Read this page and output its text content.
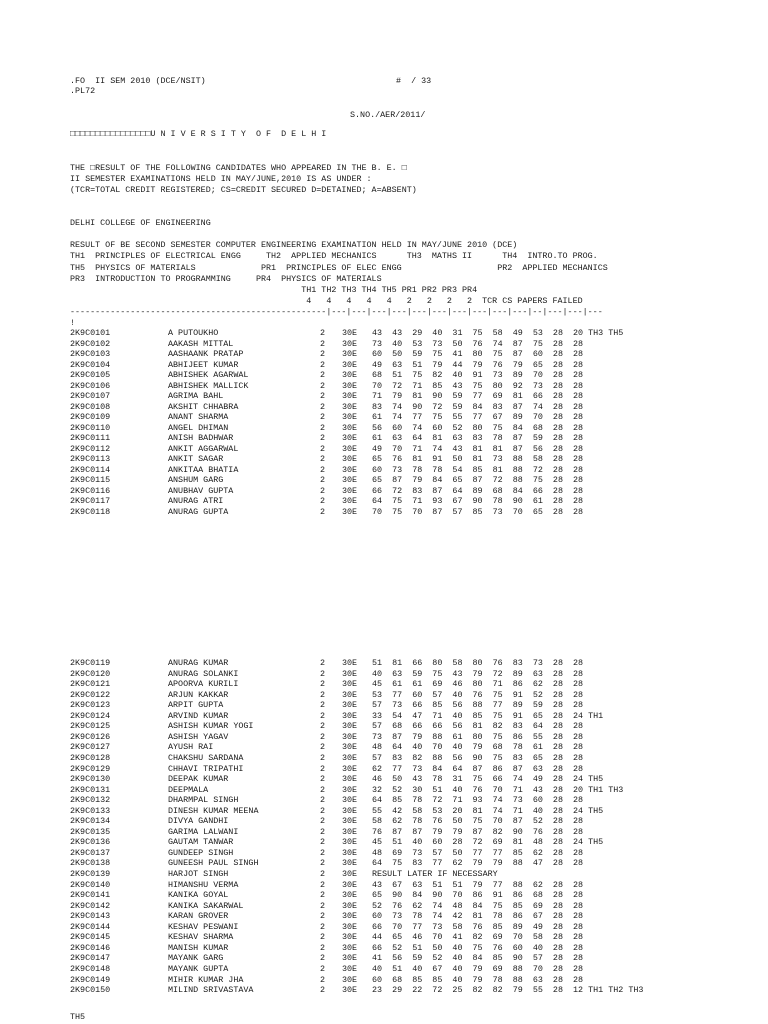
.FO  II SEM 2010 (DCE/NSIT)	#  / 33
.PL72
S.NO./AER/2011/
□□□□□□□□□□□□□□□□U N I V E R S I T Y  O F  D E L H I
THE □RESULT OF THE FOLLOWING CANDIDATES WHO APPEARED IN THE B. E. □
II SEMESTER EXAMINATIONS HELD IN MAY/JUNE,2010 IS AS UNDER :
(TCR=TOTAL CREDIT REGISTERED; CS=CREDIT SECURED D=DETAINED; A=ABSENT)
DELHI COLLEGE OF ENGINEERING
RESULT OF BE SECOND SEMESTER COMPUTER ENGINEERING EXAMINATION HELD IN MAY/JUNE 2010 (DCE)
TH1  PRINCIPLES OF ELECTRICAL ENGG     TH2  APPLIED MECHANICS      TH3  MATHS II      TH4  INTRO.TO PROG.
TH5  PHYSICS OF MATERIALS             PR1  PRINCIPLES OF ELEC ENGG                   PR2  APPLIED MECHANICS
PR3  INTRODUCTION TO PROGRAMMING     PR4  PHYSICS OF MATERIALS
TH1 TH2 TH3 TH4 TH5 PR1 PR2 PR3 PR4
4   4   4   4   4   2   2   2   2  TCR CS PAPERS FAILED
---------------------------------------------------|---|---|---|---|---|---|---|---|---|---|--|---|---|---
!
2K9C0101	A PUTOUKHO	2 30E 43  43  29  40  31  75  58  49  53  28  20 TH3 TH5
2K9C0102	AAKASH MITTAL	2 30E 73  40  53  73  50  76  74  87  75  28  28
2K9C0103	AASHAANK PRATAP	2 30E 60  50  59  75  41  80  75  87  60  28  28
2K9C0104	ABHIJEET KUMAR	2 30E 49  63  51  79  44  79  76  79  65  28  28
2K9C0105	ABHISHEK AGARWAL	2 30E 68  51  75  82  40  91  73  89  70  28  28
2K9C0106	ABHISHEK MALLICK	2 30E 70  72  71  85  43  75  80  92  73  28  28
2K9C0107	AGRIMA BAHL	2 30E 71  79  81  90  59  77  69  81  66  28  28
2K9C0108	AKSHIT CHHABRA	2 30E 83  74  90  72  59  84  83  87  74  28  28
2K9C0109	ANANT SHARMA	2 30E 61  74  77  75  55  77  67  89  70  28  28
2K9C0110	ANGEL DHIMAN	2 30E 56  60  74  60  52  80  75  84  68  28  28
2K9C0111	ANISH BADHWAR	2 30E 61  63  64  81  63  83  78  87  59  28  28
2K9C0112	ANKIT AGGARWAL	2 30E 49  70  71  74  43  81  81  87  56  28  28
2K9C0113	ANKIT SAGAR	2 30E 65  76  81  91  50  81  73  88  58  28  28
2K9C0114	ANKITAA BHATIA	2 30E 60  73  78  78  54  85  81  88  72  28  28
2K9C0115	ANSHUM GARG	2 30E 65  87  79  84  65  87  72  88  75  28  28
2K9C0116	ANUBHAV GUPTA	2 30E 66  72  83  87  64  89  68  84  66  28  28
2K9C0117	ANURAG ATRI	2 30E 64  75  71  93  67  90  78  90  61  28  28
2K9C0118	ANURAG GUPTA	2 30E 70  75  70  87  57  85  73  70  65  28  28
2K9C0119	ANURAG KUMAR	2 30E 51  81  66  80  58  80  76  83  73  28  28
2K9C0120	ANURAG SOLANKI	2 30E 40  63  59  75  43  79  72  89  63  28  28
2K9C0121	APOORVA KURILI	2 30E 45  61  61  69  46  80  71  86  62  28  28
2K9C0122	ARJUN KAKKAR	2 30E 53  77  60  57  40  76  75  91  52  28  28
2K9C0123	ARPIT GUPTA	2 30E 57  73  66  85  56  88  77  89  59  28  28
2K9C0124	ARVIND KUMAR	2 30E 33  54  47  71  40  85  75  91  65  28  24 TH1
2K9C0125	ASHISH KUMAR YOGI	2 30E 57  68  66  66  56  81  82  83  64  28  28
2K9C0126	ASHISH YAGAV	2 30E 73  87  79  88  61  80  75  86  55  28  28
2K9C0127	AYUSH RAI	2 30E 48  64  40  70  40  79  68  78  61  28  28
2K9C0128	CHAKSHU SARDANA	2 30E 57  83  82  88  56  90  75  83  65  28  28
2K9C0129	CHHAVI TRIPATHI	2 30E 62  77  73  84  64  87  86  87  63  28  28
2K9C0130	DEEPAK KUMAR	2 30E 46  50  43  78  31  75  66  74  49  28  24 TH5
2K9C0131	DEEPMALA	2 30E 32  52  30  51  40  76  70  71  43  28  20 TH1 TH3
2K9C0132	DHARMPAL SINGH	2 30E 64  85  78  72  71  93  74  73  60  28  28
2K9C0133	DINESH KUMAR MEENA	2 30E 55  42  58  53  20  81  74  71  40  28  24 TH5
2K9C0134	DIVYA GANDHI	2 30E 58  62  78  76  50  75  70  87  52  28  28
2K9C0135	GARIMA LALWANI	2 30E 76  87  87  79  79  87  82  90  76  28  28
2K9C0136	GAUTAM TANWAR	2 30E 45  51  40  60  28  72  69  81  48  28  24 TH5
2K9C0137	GUNDEEP SINGH	2 30E 48  69  73  57  50  77  77  85  62  28  28
2K9C0138	GUNEESH PAUL SINGH	2 30E 64  75  83  77  62  79  79  88  47  28  28
2K9C0139	HARJOT SINGH	2 30E RESULT LATER IF NECESSARY
2K9C0140	HIMANSHU VERMA	2 30E 43  67  63  51  51  79  77  88  62  28  28
2K9C0141	KANIKA GOYAL	2 30E 65  90  84  90  70  86  91  86  68  28  28
2K9C0142	KANIKA SAKARWAL	2 30E 52  76  62  74  48  84  75  85  69  28  28
2K9C0143	KARAN GROVER	2 30E 60  73  78  74  42  81  78  86  67  28  28
2K9C0144	KESHAV PESWANI	2 30E 66  70  77  73  58  76  85  89  49  28  28
2K9C0145	KESHAV SHARMA	2 30E 44  65  46  70  41  82  69  70  58  28  28
2K9C0146	MANISH KUMAR	2 30E 66  52  51  50  40  75  76  60  40  28  28
2K9C0147	MAYANK GARG	2 30E 41  56  59  52  40  84  85  90  57  28  28
2K9C0148	MAYANK GUPTA	2 30E 40  51  40  67  40  79  69  88  70  28  28
2K9C0149	MIHIR KUMAR JHA	2 30E 60  68  85  85  40  79  78  88  63  28  28
2K9C0150	MILIND SRIVASTAVA	2 30E 23  29  22  72  25  82  82  79  55  28  12 TH1 TH2 TH3
TH5
